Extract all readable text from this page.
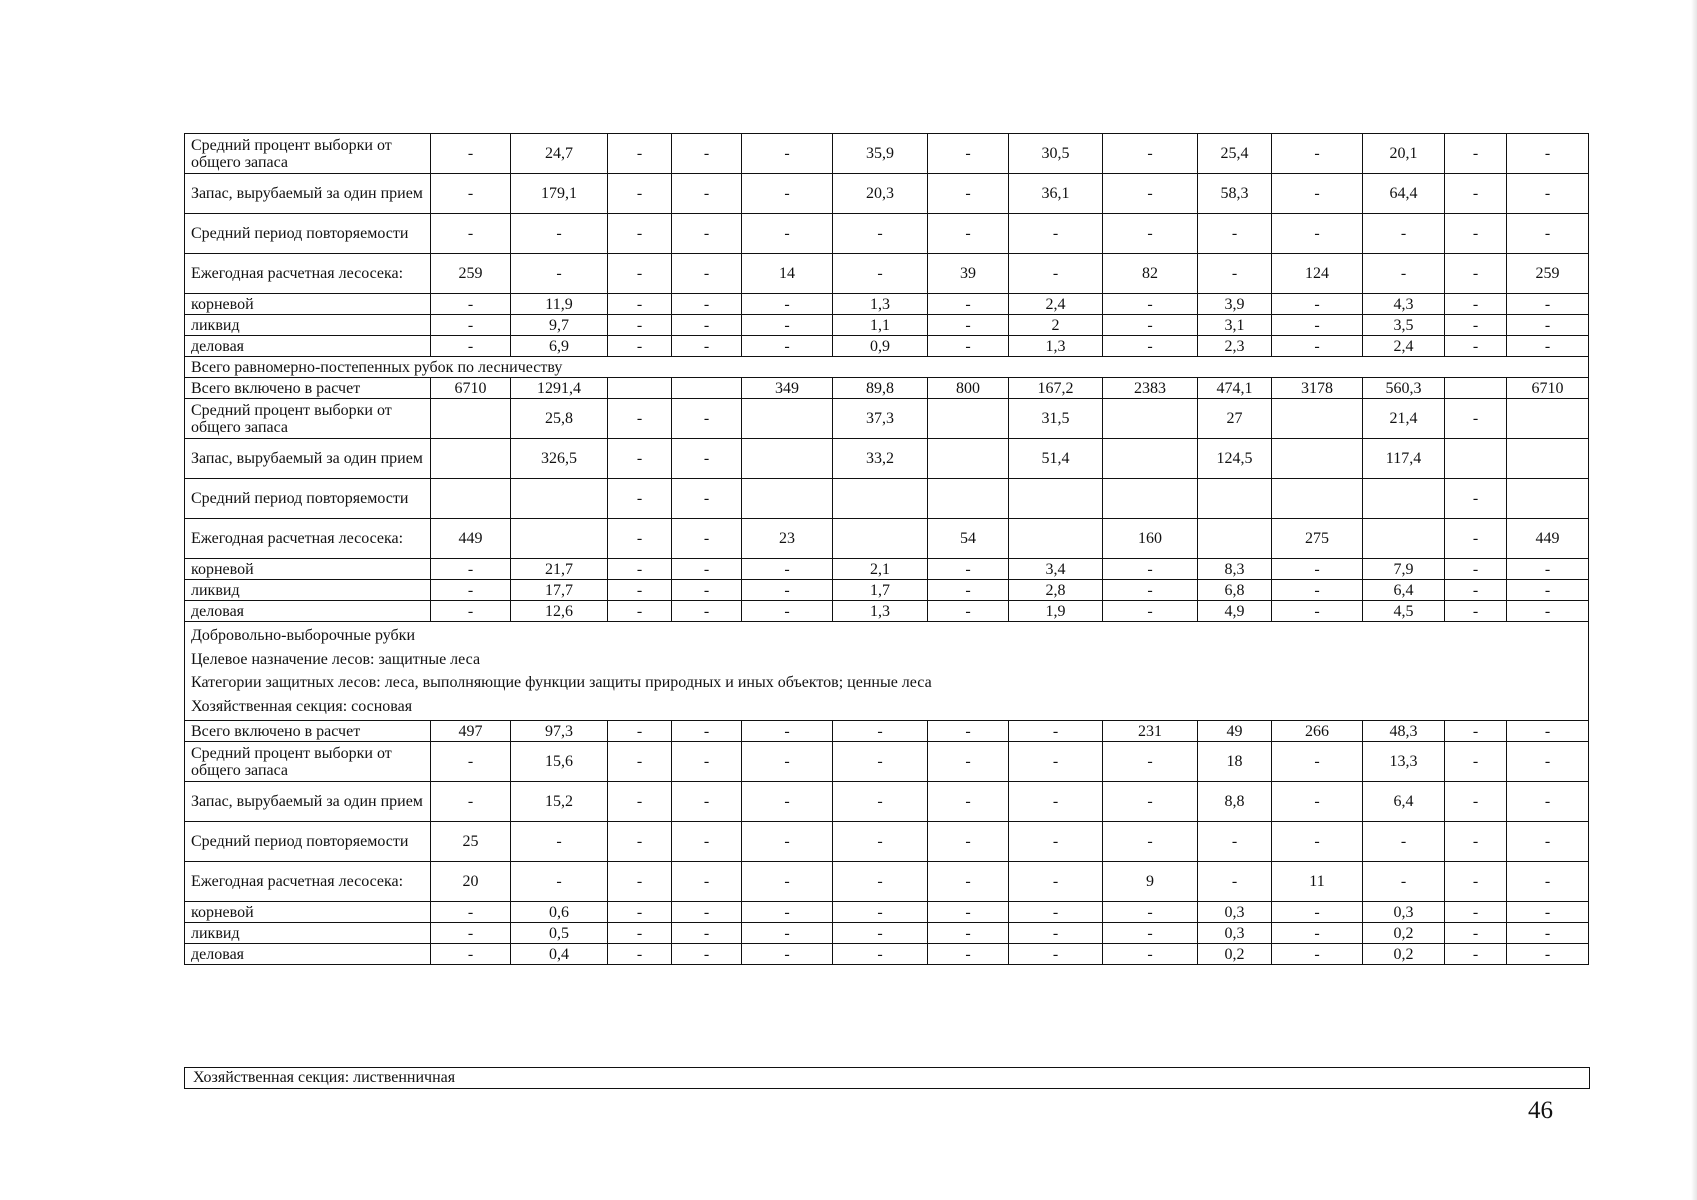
Средний процент выборки от общего запаса	-	24,7	-	-	-	35,9	-	30,5	-	25,4	-	20,1	-	-
Запас, вырубаемый за один прием	-	179,1	-	-	-	20,3	-	36,1	-	58,3	-	64,4	-	-
Средний период повторяемости	-	-	-	-	-	-	-	-	-	-	-	-	-	-
Ежегодная расчетная лесосека:	259	-	-	-	14	-	39	-	82	-	124	-	-	259
корневой	-	11,9	-	-	-	1,3	-	2,4	-	3,9	-	4,3	-	-
ликвид	-	9,7	-	-	-	1,1	-	2	-	3,1	-	3,5	-	-
деловая	-	6,9	-	-	-	0,9	-	1,3	-	2,3	-	2,4	-	-
Всего равномерно-постепенных рубок по лесничеству														
Всего включено в расчет	6710	1291,4			349	89,8	800	167,2	2383	474,1	3178	560,3		6710
Средний процент выборки от общего запаса		25,8	-	-		37,3		31,5		27		21,4	-	
Запас, вырубаемый за один прием		326,5	-	-		33,2		51,4		124,5		117,4		
Средний период повторяемости			-	-									-	
Ежегодная расчетная лесосека:	449		-	-	23		54		160		275		-	449
корневой	-	21,7	-	-	-	2,1	-	3,4	-	8,3	-	7,9	-	-
ликвид	-	17,7	-	-	-	1,7	-	2,8	-	6,8	-	6,4	-	-
деловая	-	12,6	-	-	-	1,3	-	1,9	-	4,9	-	4,5	-	-

Добровольно-выборочные рубки
Целевое назначение лесов: защитные леса
Категории защитных лесов: леса, выполняющие функции защиты природных и иных объектов; ценные леса
Хозяйственная секция: сосновая														

Всего включено в расчет	497	97,3	-	-	-	-	-	-	231	49	266	48,3	-	-
Средний процент выборки от общего запаса	-	15,6	-	-	-	-	-	-	-	18	-	13,3	-	-
Запас, вырубаемый за один прием	-	15,2	-	-	-	-	-	-	-	8,8	-	6,4	-	-
Средний период повторяемости	25	-	-	-	-	-	-	-	-	-	-	-	-	-
Ежегодная расчетная лесосека:	20	-	-	-	-	-	-	-	9	-	11	-	-	-
корневой	-	0,6	-	-	-	-	-	-	-	0,3	-	0,3	-	-
ликвид	-	0,5	-	-	-	-	-	-	-	0,3	-	0,2	-	-
деловая	-	0,4	-	-	-	-	-	-	-	0,2	-	0,2	-	-
Хозяйственная секция: лиственничная
46
